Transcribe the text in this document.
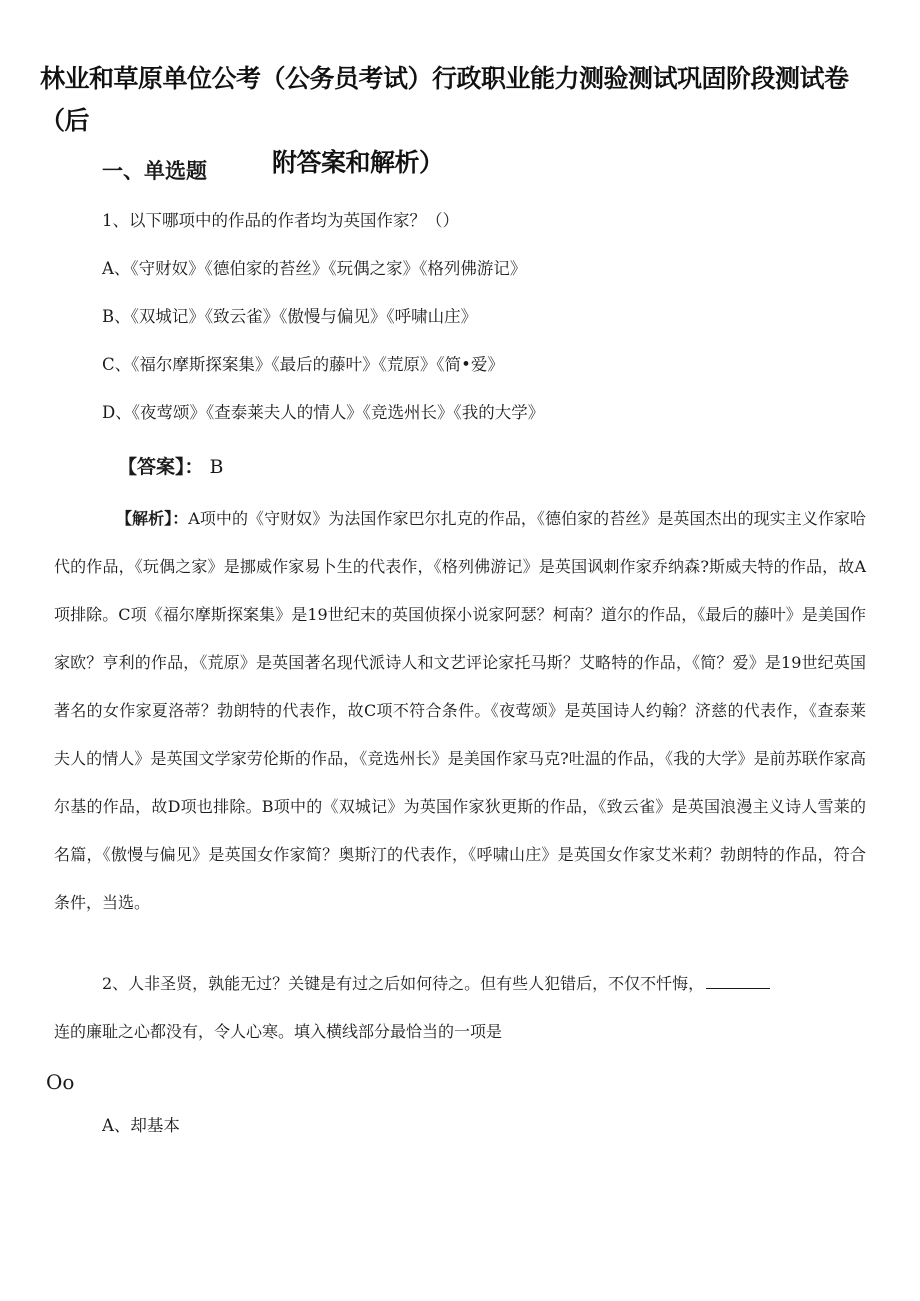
林业和草原单位公考（公务员考试）行政职业能力测验测试巩固阶段测试卷（后
附答案和解析）
一、单选题
1、以下哪项中的作品的作者均为英国作家？（）
A、《守财奴》《德伯家的苔丝》《玩偶之家》《格列佛游记》
B、《双城记》《致云雀》《傲慢与偏见》《呼啸山庄》
C、《福尔摩斯探案集》《最后的藤叶》《荒原》《简•爱》
D、《夜莺颂》《查泰莱夫人的情人》《竞选州长》《我的大学》
【答案】： B

【解析】：A项中的《守财奴》为法国作家巴尔扎克的作品，《德伯家的苔丝》是英国杰出的现实主义作家哈代的作品，《玩偶之家》是挪威作家易卜生的代表作，《格列佛游记》是英国讽刺作家乔纳森?斯威夫特的作品，故A项排除。C项《福尔摩斯探案集》是19世纪末的英国侦探小说家阿瑟？柯南？道尔的作品，《最后的藤叶》是美国作家欧？亨利的作品，《荒原》是英国著名现代派诗人和文艺评论家托马斯？艾略特的作品，《简？爱》是19世纪英国著名的女作家夏洛蒂？勃朗特的代表作，故C项不符合条件。《夜莺颂》是英国诗人约翰？济慈的代表作，《查泰莱夫人的情人》是英国文学家劳伦斯的作品，《竞选州长》是美国作家马克?吐温的作品，《我的大学》是前苏联作家高尔基的作品，故D项也排除。B项中的《双城记》为英国作家狄更斯的作品，《致云雀》是英国浪漫主义诗人雪莱的名篇，《傲慢与偏见》是英国女作家简？奥斯汀的代表作，《呼啸山庄》是英国女作家艾米莉？勃朗特的作品，符合条件，当选。

2、人非圣贤，孰能无过？关键是有过之后如何待之。但有些人犯错后，不仅不忏悔，连的廉耻之心都没有，令人心寒。填入横线部分最恰当的一项是

Oo
A、却基本
